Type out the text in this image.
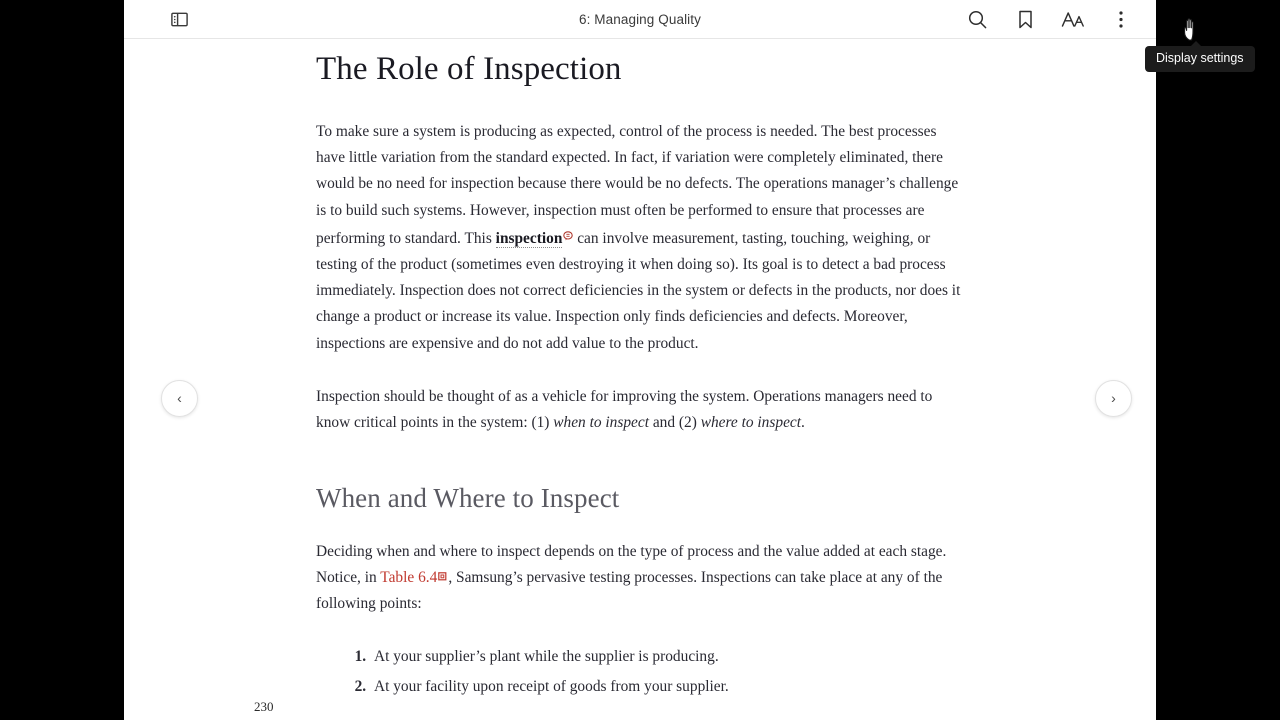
6: Managing Quality
Display settings
230
The Role of Inspection

To make sure a system is producing as expected, control of the process is needed. The best processes have little variation from the standard expected. In fact, if variation were completely eliminated, there would be no need for inspection because there would be no defects. The operations manager’s challenge is to build such systems. However, inspection must often be performed to ensure that processes are performing to standard. This inspection can involve measurement, tasting, touching, weighing, or testing of the product (sometimes even destroying it when doing so). Its goal is to detect a bad process immediately. Inspection does not correct deficiencies in the system or defects in the products, nor does it change a product or increase its value. Inspection only finds deficiencies and defects. Moreover, inspections are expensive and do not add value to the product.

Inspection should be thought of as a vehicle for improving the system. Operations managers need to know critical points in the system: (1) when to inspect and (2) where to inspect.

When and Where to Inspect

Deciding when and where to inspect depends on the type of process and the value added at each stage. Notice, in Table 6.4 , Samsung’s pervasive testing processes. Inspections can take place at any of the following points:

1. At your supplier’s plant while the supplier is producing.
2. At your facility upon receipt of goods from your supplier.
‹	›
